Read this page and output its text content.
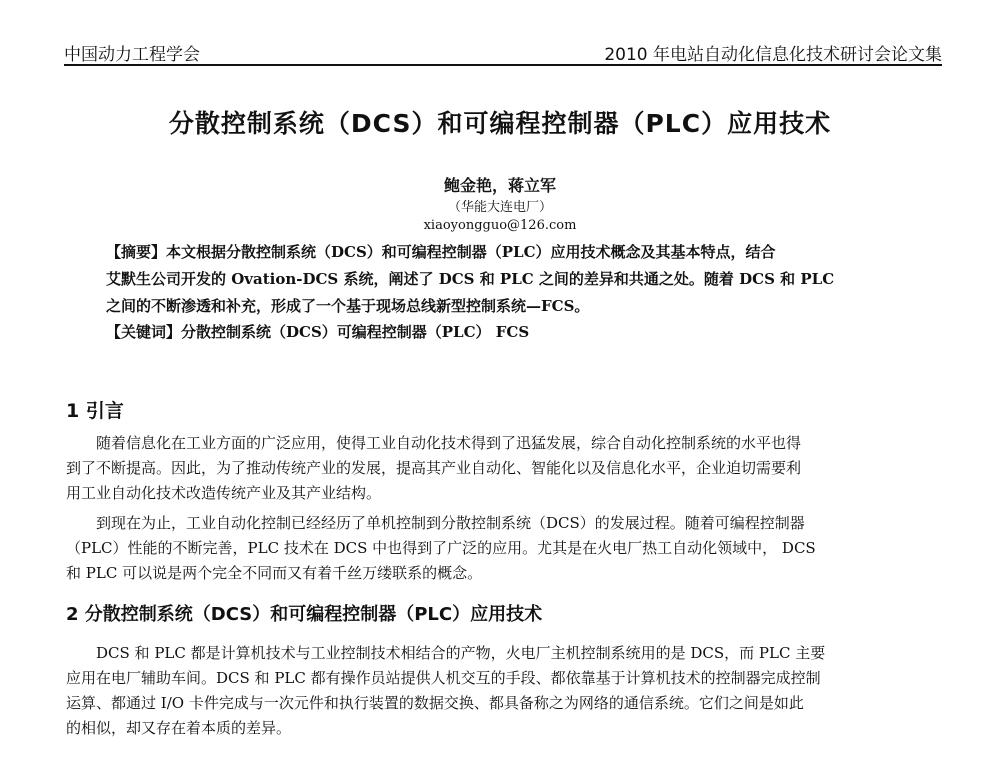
中国动力工程学会	2010 年电站自动化信息化技术研讨会论文集
分散控制系统（DCS）和可编程控制器（PLC）应用技术
鲍金艳，蒋立军
（华能大连电厂）
xiaoyongguo@126.com
【摘要】本文根据分散控制系统（DCS）和可编程控制器（PLC）应用技术概念及其基本特点，结合
艾默生公司开发的 Ovation-DCS 系统，阐述了 DCS 和 PLC 之间的差异和共通之处。随着 DCS 和 PLC
之间的不断渗透和补充，形成了一个基于现场总线新型控制系统—FCS。
【关键词】分散控制系统（DCS）可编程控制器（PLC） FCS
1 引言
随着信息化在工业方面的广泛应用，使得工业自动化技术得到了迅猛发展，综合自动化控制系统的水平也得
到了不断提高。因此，为了推动传统产业的发展，提高其产业自动化、智能化以及信息化水平，企业迫切需要利
用工业自动化技术改造传统产业及其产业结构。
到现在为止，工业自动化控制已经经历了单机控制到分散控制系统（DCS）的发展过程。随着可编程控制器
（PLC）性能的不断完善，PLC 技术在 DCS 中也得到了广泛的应用。尤其是在火电厂热工自动化领域中， DCS
和 PLC 可以说是两个完全不同而又有着千丝万缕联系的概念。
2 分散控制系统（DCS）和可编程控制器（PLC）应用技术
DCS 和 PLC 都是计算机技术与工业控制技术相结合的产物，火电厂主机控制系统用的是 DCS，而 PLC 主要
应用在电厂辅助车间。DCS 和 PLC 都有操作员站提供人机交互的手段、都依靠基于计算机技术的控制器完成控制
运算、都通过 I/O 卡件完成与一次元件和执行装置的数据交换、都具备称之为网络的通信系统。它们之间是如此
的相似，却又存在着本质的差异。
